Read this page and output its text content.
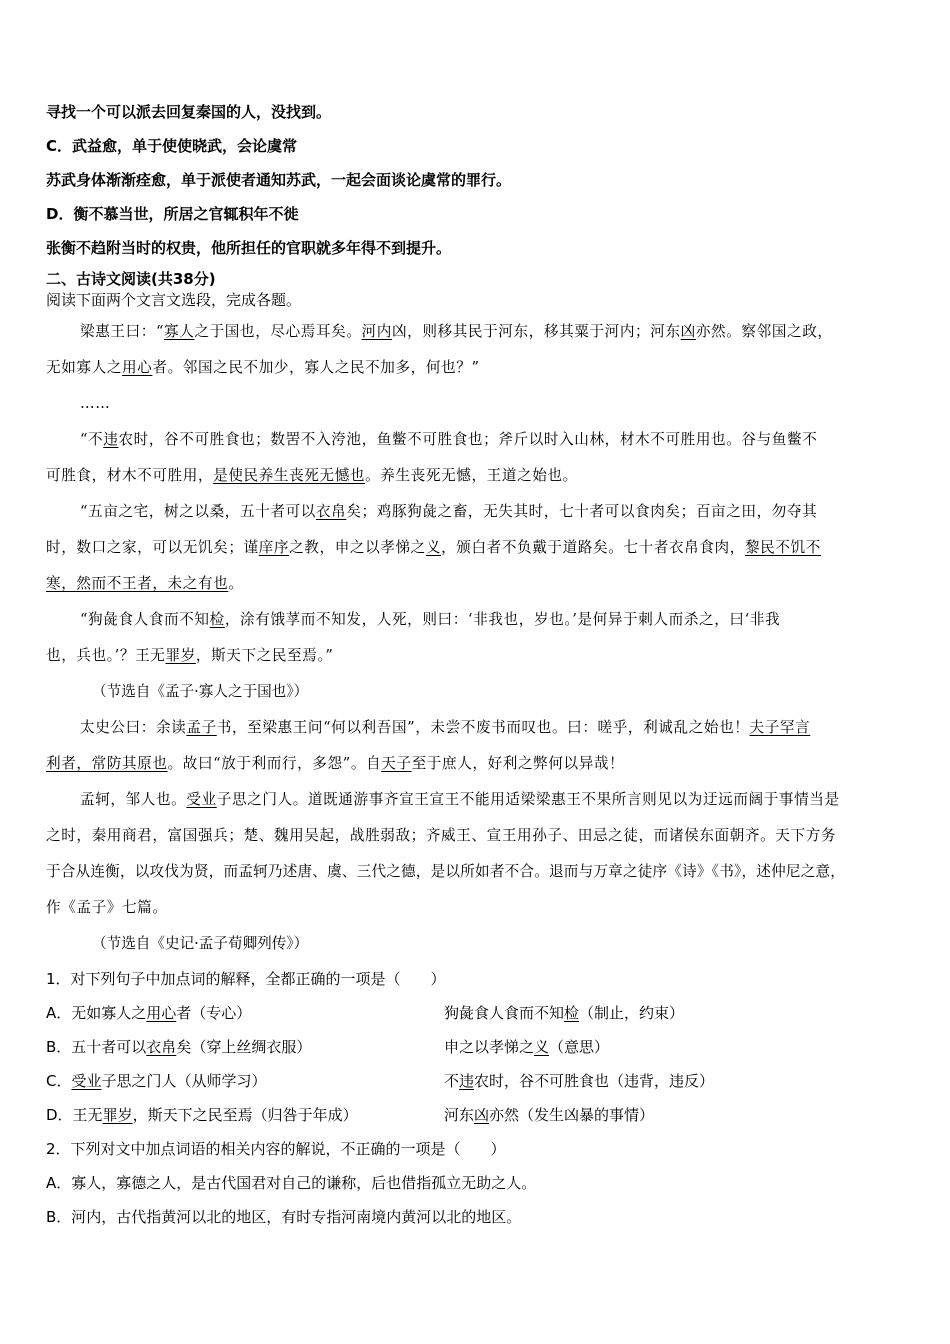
寻找一个可以派去回复秦国的人，没找到。
C．武益愈，单于使使晓武，会论虞常
苏武身体渐渐痊愈，单于派使者通知苏武，一起会面谈论虞常的罪行。
D．衡不慕当世，所居之官辄积年不徙
张衡不趋附当时的权贵，他所担任的官职就多年得不到提升。
二、古诗文阅读(共38分)
阅读下面两个文言文选段，完成各题。
梁惠王曰：“寡人之于国也，尽心焉耳矣。河内凶，则移其民于河东，移其粟于河内；河东凶亦然。察邻国之政，
无如寡人之用心者。邻国之民不加少，寡人之民不加多，何也？”
……
“不违农时，谷不可胜食也；数罟不入洿池，鱼鳖不可胜食也；斧斤以时入山林，材木不可胜用也。谷与鱼鳖不
可胜食，材木不可胜用，是使民养生丧死无憾也。养生丧死无憾，王道之始也。
“五亩之宅，树之以桑，五十者可以衣帛矣；鸡豚狗彘之畜，无失其时，七十者可以食肉矣；百亩之田，勿夺其
时，数口之家，可以无饥矣；谨庠序之教，申之以孝悌之义，颁白者不负戴于道路矣。七十者衣帛食肉，黎民不饥不
寒，然而不王者，未之有也。
“狗彘食人食而不知检，涂有饿莩而不知发，人死，则曰：‘非我也，岁也。’是何异于刺人而杀之，曰‘非我
也，兵也。’？王无罪岁，斯天下之民至焉。”
（节选自《孟子·寡人之于国也》）
太史公曰：余读孟子书，至梁惠王问“何以利吾国”，未尝不废书而叹也。曰：嗟乎，利诚乱之始也！夫子罕言
利者，常防其原也。故曰“放于利而行，多怨”。自天子至于庶人，好利之弊何以异哉！
孟轲，邹人也。受业子思之门人。道既通游事齐宣王宣王不能用适梁梁惠王不果所言则见以为迂远而阔于事情当是
之时，秦用商君，富国强兵；楚、魏用吴起，战胜弱敌；齐威王、宣王用孙子、田忌之徒，而诸侯东面朝齐。天下方务
于合从连衡，以攻伐为贤，而孟轲乃述唐、虞、三代之德，是以所如者不合。退而与万章之徒序《诗》《书》，述仲尼之意，
作《孟子》七篇。
（节选自《史记·孟子荀卿列传》）
1．对下列句子中加点词的解释，全都正确的一项是（　　）
A．无如寡人之用心者（专心）	狗彘食人食而不知检（制止，约束）
B．五十者可以衣帛矣（穿上丝绸衣服）	申之以孝悌之义（意思）
C．受业子思之门人（从师学习）	不违农时，谷不可胜食也（违背，违反）
D．王无罪岁，斯天下之民至焉（归咎于年成）	河东凶亦然（发生凶暴的事情）
2．下列对文中加点词语的相关内容的解说，不正确的一项是（　　）
A．寡人，寡德之人，是古代国君对自己的谦称，后也借指孤立无助之人。
B．河内，古代指黄河以北的地区，有时专指河南境内黄河以北的地区。
